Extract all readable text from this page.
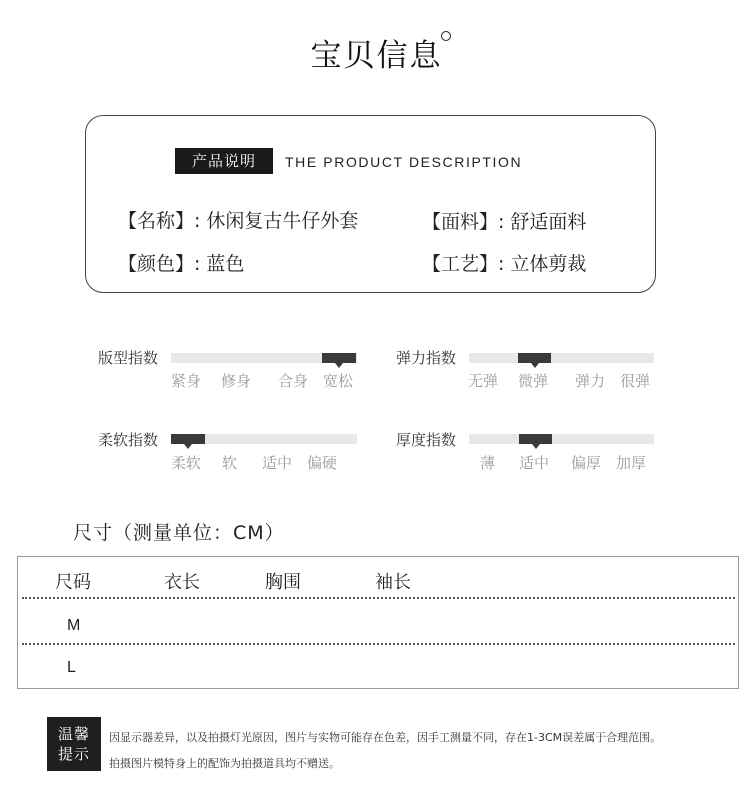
宝贝信息
产品说明	THE PRODUCT DESCRIPTION
【名称】: 休闲复古牛仔外套	【面料】: 舒适面料
【颜色】: 蓝色	【工艺】: 立体剪裁
版型指数
紧身 修身 合身 宽松
弹力指数
无弹 微弹 弹力 很弹
柔软指数
柔软 软 适中 偏硬
厚度指数
薄 适中 偏厚 加厚
尺寸（测量单位：CM）
尺码	衣长	胸围	袖长
M
L
温馨
提示
因显示器差异，以及拍摄灯光原因，图片与实物可能存在色差，因手工测量不同，存在1-3CM误差属于合理范围。
拍摄图片模特身上的配饰为拍摄道具均不赠送。
